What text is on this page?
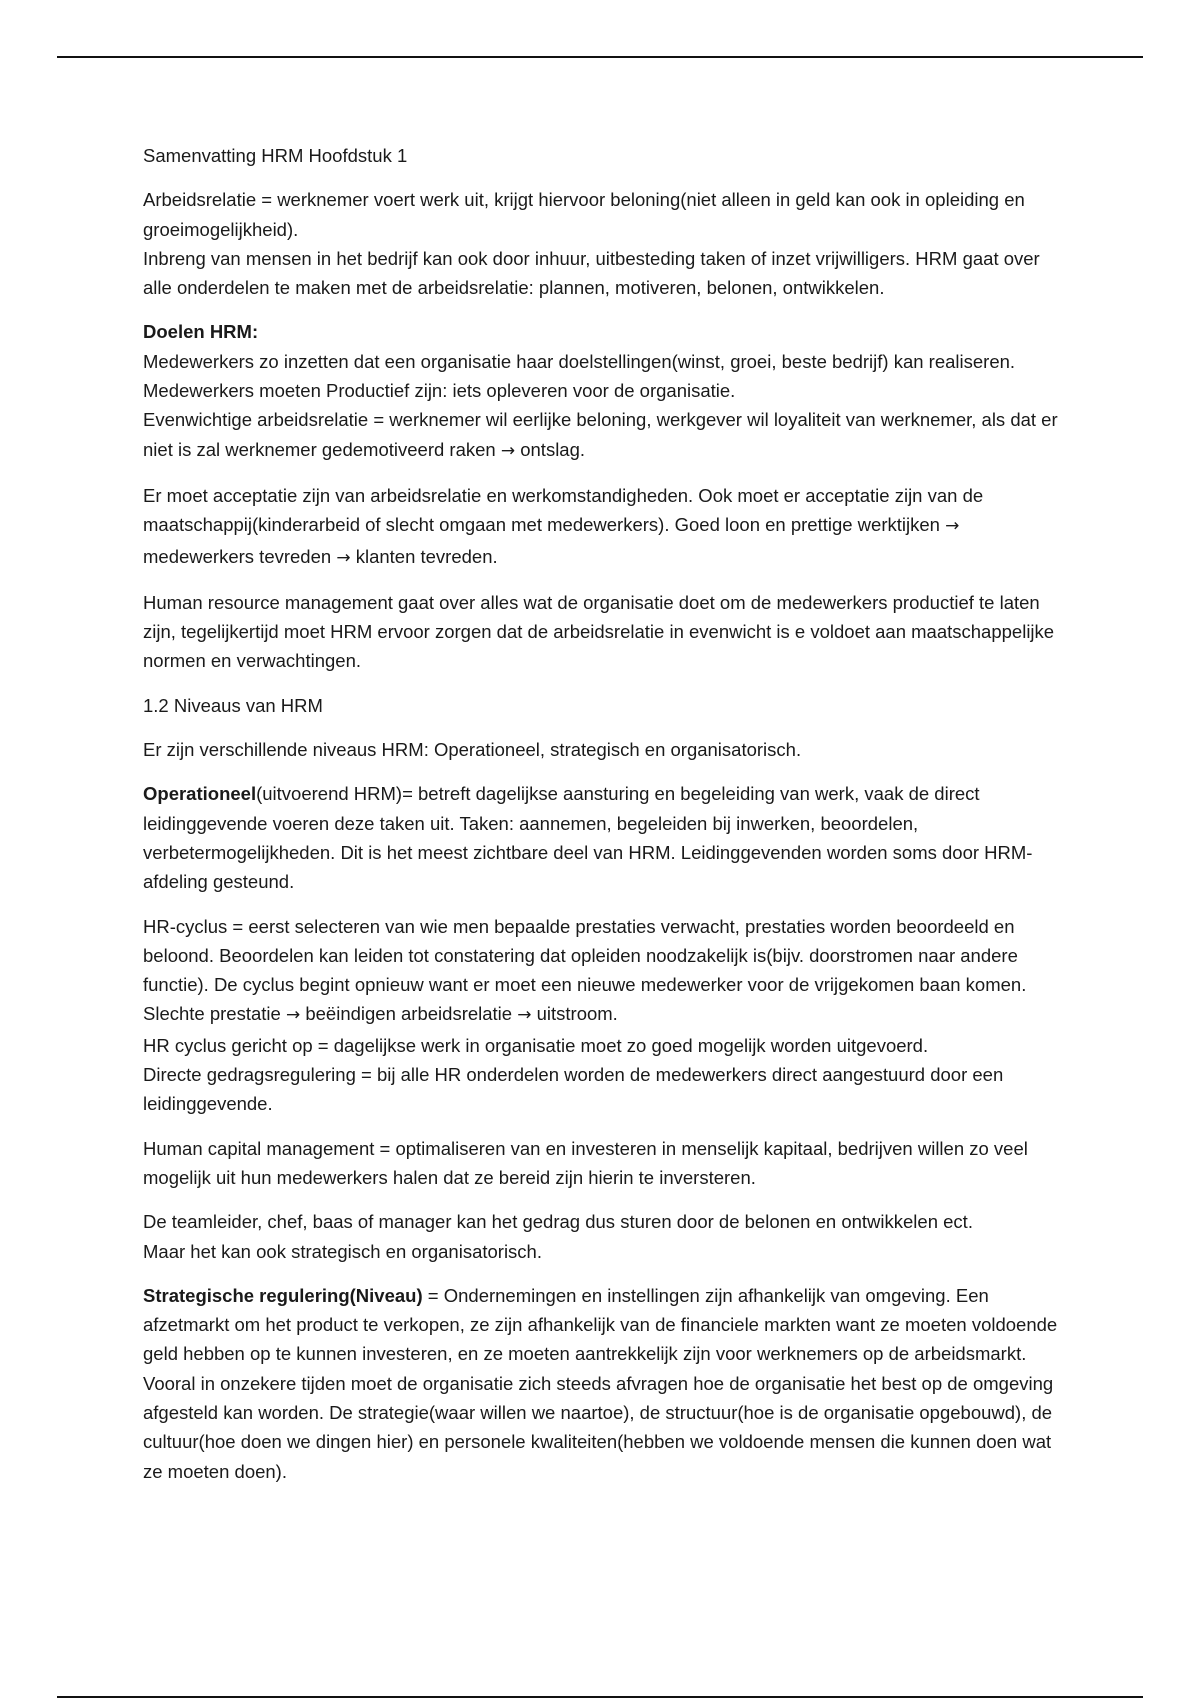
Samenvatting HRM Hoofdstuk 1

Arbeidsrelatie = werknemer voert werk uit, krijgt hiervoor beloning(niet alleen in geld kan ook in opleiding en groeimogelijkheid).
Inbreng van mensen in het bedrijf kan ook door inhuur, uitbesteding taken of inzet vrijwilligers. HRM gaat over alle onderdelen te maken met de arbeidsrelatie: plannen, motiveren, belonen, ontwikkelen.

Doelen HRM:
Medewerkers zo inzetten dat een organisatie haar doelstellingen(winst, groei, beste bedrijf) kan realiseren. Medewerkers moeten Productief zijn: iets opleveren voor de organisatie.
Evenwichtige arbeidsrelatie = werknemer wil eerlijke beloning, werkgever wil loyaliteit van werknemer, als dat er niet is zal werknemer gedemotiveerd raken → ontslag.

Er moet acceptatie zijn van arbeidsrelatie en werkomstandigheden. Ook moet er acceptatie zijn van de maatschappij(kinderarbeid of slecht omgaan met medewerkers). Goed loon en prettige werktijken → medewerkers tevreden → klanten tevreden.

Human resource management gaat over alles wat de organisatie doet om de medewerkers productief te laten zijn, tegelijkertijd moet HRM ervoor zorgen dat de arbeidsrelatie in evenwicht is e voldoet aan maatschappelijke normen en verwachtingen.

1.2 Niveaus van HRM

Er zijn verschillende niveaus HRM: Operationeel, strategisch en organisatorisch.

Operationeel(uitvoerend HRM)= betreft dagelijkse aansturing en begeleiding van werk, vaak de direct leidinggevende voeren deze taken uit. Taken: aannemen, begeleiden bij inwerken, beoordelen, verbetermogelijkheden. Dit is het meest zichtbare deel van HRM. Leidinggevenden worden soms door HRM-afdeling gesteund.

HR-cyclus = eerst selecteren van wie men bepaalde prestaties verwacht, prestaties worden beoordeeld en beloond. Beoordelen kan leiden tot constatering dat opleiden noodzakelijk is(bijv. doorstromen naar andere functie). De cyclus begint opnieuw want er moet een nieuwe medewerker voor de vrijgekomen baan komen. Slechte prestatie → beëindigen arbeidsrelatie → uitstroom.
HR cyclus gericht op = dagelijkse werk in organisatie moet zo goed mogelijk worden uitgevoerd.
Directe gedragsregulering = bij alle HR onderdelen worden de medewerkers direct aangestuurd door een leidinggevende.

Human capital management = optimaliseren van en investeren in menselijk kapitaal, bedrijven willen zo veel mogelijk uit hun medewerkers halen dat ze bereid zijn hierin te inversteren.

De teamleider, chef, baas of manager kan het gedrag dus sturen door de belonen en ontwikkelen ect.
Maar het kan ook strategisch en organisatorisch.

Strategische regulering(Niveau) = Ondernemingen en instellingen zijn afhankelijk van omgeving. Een afzetmarkt om het product te verkopen, ze zijn afhankelijk van de financiele markten want ze moeten voldoende geld hebben op te kunnen investeren, en ze moeten aantrekkelijk zijn voor werknemers op de arbeidsmarkt. Vooral in onzekere tijden moet de organisatie zich steeds afvragen hoe de organisatie het best op de omgeving afgesteld kan worden. De strategie(waar willen we naartoe), de structuur(hoe is de organisatie opgebouwd), de cultuur(hoe doen we dingen hier) en personele kwaliteiten(hebben we voldoende mensen die kunnen doen wat ze moeten doen).
